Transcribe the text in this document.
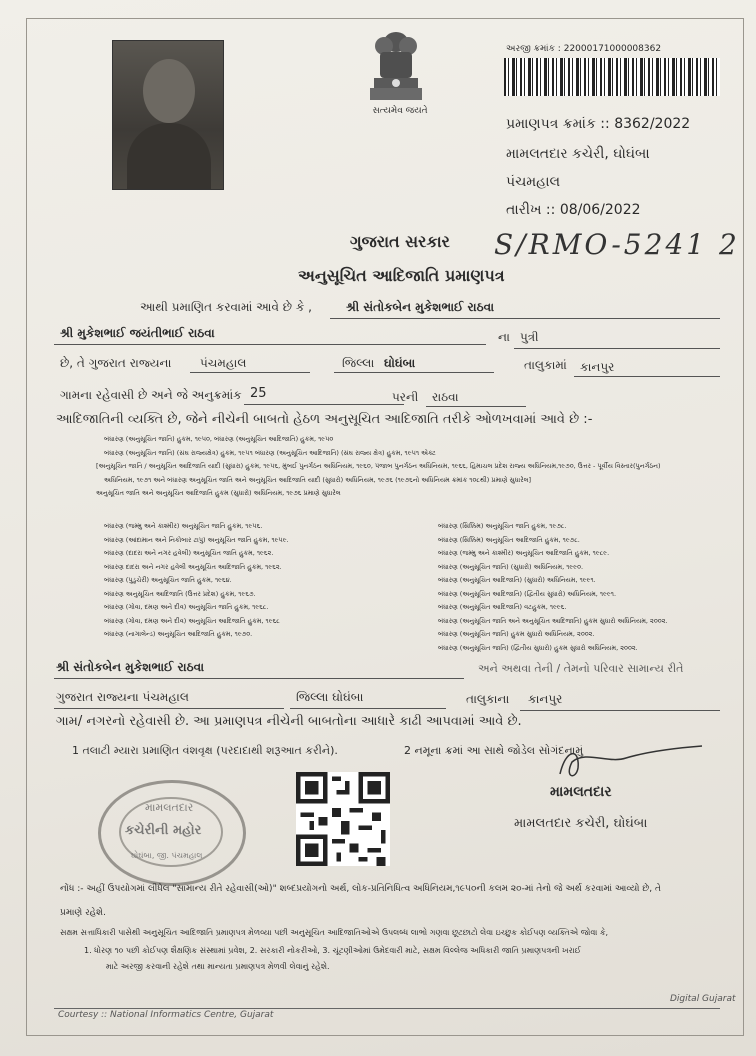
સત્યમેવ જયતે
અરજી ક્રમાંક : 22000171000008362
પ્રમાણપત્ર ક્રમાંક :: 8362/2022
મામલતદાર કચેરી, ઘોઘંબા
પંચમહાલ
તારીખ :: 08/06/2022
ગુજરાત સરકાર S/RMO-5241 2
અનુસૂચિત આદિજાતિ પ્રમાણપત્ર
આથી પ્રમાણિત કરવામાં આવે છે કે ,	શ્રી સંતોકબેન મુકેશભાઈ રાઠવા
શ્રી મુકેશભાઈ જયંતીભાઈ રાઠવા	ના પુત્રી
છે, તે ગુજરાત રાજ્યના પંચમહાલ	જિલ્લા ઘોઘંબા	તાલુકામાં કાનપુર
ગામના રહેવાસી છે અને જે અનુક્રમાંક 25	પરની રાઠવા
આદિજાતિની વ્યક્તિ છે, જેને નીચેની બાબતો હેઠળ અનુસૂચિત આદિજાતિ તરીકે ઓળખવામાં આવે છે :-
બંધારણ (અનુસૂચિત જાતિ) હુકમ, ૧૯૫૦, બંધારણ (અનુસૂચિત આદિજાતિ) હુકમ, ૧૯૫૦
બંધારણ (અનુસૂચિત જાતિ) (સંઘ રાજ્યક્ષેત્ર) હુકમ, ૧૯૫૧ બંધારણ (અનુસૂચિત આદિજાતિ) (સંઘ રાજ્ય ક્ષેત્ર) હુકમ, ૧૯૫૧ એક્ટ
[અનુસૂચિત જાતિ / અનુસૂચિત આદિજાતિ યાદી (સુધારા) હુકમ, ૧૯૫૬, મુંબઈ પુનર્ગઠન અધિનિયમ, ૧૯૬૦, પંજાબ પુનર્ગઠન અધિનિયમ, ૧૯૬૬, હિમાચલ પ્રદેશ રાજ્ય અધિનિયમ,૧૯૭૦, ઉત્તર - પૂર્વીય વિસ્તાર(પુનર્ગઠન)
અધિનિયમ, ૧૯૭૧ અને બંધારણ અનુસૂચિત જાતિ અને અનુસૂચિત આદિજાતિ યાદી (સુધારો) અધિનિયમ, ૧૯૭૬ (૧૯૭૬નો અધિનિયમ ક્રમાંક ૧૦૮થી) પ્રમાણે સુધારેલ]
અનુસૂચિત જાતિ અને અનુસૂચિત આદિજાતિ હુકમ (સુધારો) અધિનિયમ, ૧૯૭૬ પ્રમાણે સુધારેલ
બંધારણ (જમ્મુ અને કાશ્મીર) અનુસૂચિત જાતિ હુકમ, ૧૯૫૬.
બંધારણ (આંદામાન અને નિકોબાર ટાપુ) અનુસૂચિત જાતિ હુકમ, ૧૯૫૯.
બંધારણ (દાદરા અને નગર હવેલી) અનુસૂચિત જાતિ હુકમ, ૧૯૬૨.
બંધારણ દાદરા અને નગર હવેલી અનુસૂચિત આદિજાતિ હુકમ, ૧૯૬૨.
બંધારણ (પુડુચેરી) અનુસૂચિત જાતિ હુકમ, ૧૯૬૪.
બંધારણ અનુસૂચિત આદિજાતિ (ઉત્તર પ્રદેશ) હુકમ, ૧૯૬૭.
બંધારણ (ગોવા, દમણ અને દીવ) અનુસૂચિત જાતિ હુકમ, ૧૯૬૮.
બંધારણ (ગોવા, દમણ અને દીવ) અનુસૂચિત આદિજાતિ હુકમ, ૧૯૬૮
બંધારણ (નાગાલેન્ડ) અનુસૂચિત આદિજાતિ હુકમ, ૧૯૭૦.
બંધારણ (સિક્કિમ) અનુસૂચિત જાતિ હુકમ, ૧૯૭૮.
બંધારણ (સિક્કિમ) અનુસૂચિત આદિજાતિ હુકમ, ૧૯૭૮.
બંધારણ (જમ્મુ અને કાશ્મીર) અનુસૂચિત આદિજાતિ હુકમ, ૧૯૮૯.
બંધારણ (અનુસૂચિત જાતિ) (સુધારો) અધિનિયમ, ૧૯૯૦.
બંધારણ (અનુસૂચિત આદિજાતિ) (સુધારો) અધિનિયમ, ૧૯૯૧.
બંધારણ (અનુસૂચિત આદિજાતિ) (દ્વિતીય સુધારો) અધિનિયમ, ૧૯૯૧.
બંધારણ (અનુસૂચિત આદિજાતિ) વટહુકમ, ૧૯૯૬.
બંધારણ (અનુસૂચિત જાતિ અને અનુસૂચિત આદિજાતિ) હુકમ સુધારો અધિનિયમ, ૨૦૦૨.
બંધારણ (અનુસૂચિત જાતિ) હુકમ સુધારો અધિનિયમ, ૨૦૦૨.
બંધારણ (અનુસૂચિત જાતિ) (દ્વિતીય સુધારો) હુકમ સુધારો અધિનિયમ, ૨૦૦૨.
શ્રી સંતોકબેન મુકેશભાઈ રાઠવા	અને અથવા તેની / તેમનો પરિવાર સામાન્ય રીતે
ગુજરાત રાજ્યના પંચમહાલ	જિલ્લા ઘોઘંબા	તાલુકાના કાનપુર
ગામ/ નગરનો રહેવાસી છે. આ પ્રમાણપત્ર નીચેની બાબતોના આધારે કાઢી આપવામાં આવે છે.
1 તલાટી મ્યારા પ્રમાણિત વંશવૃક્ષ (પરદાદાથી શરૂઆત કરીને).	2 નમૂના ક્રમાં આ સાથે જોડેલ સોગંદનામું
મામલતદાર
કચેરીની મહોર
ઘોઘંબા, જી. પંચમહાલ
મામલતદાર
મામલતદાર કચેરી, ઘોઘંબા
નોંધ :- અહીં ઉપયોગમાં લીધેલ "સામાન્ય રીતે રહેવાસી(ઓ)" શબ્દપ્રયોગનો અર્થ, લોક-પ્રતિનિધિત્વ અધિનિયમ,૧૯૫૦ની કલમ ૨૦-માં તેનો જે અર્થ કરવામાં આવ્યો છે, તે
પ્રમાણે રહેશે.
સક્ષમ સત્તાધિકારી પાસેથી અનુસૂચિત આદિજાતિ પ્રમાણપત્ર મેળવ્યા પછી અનુસૂચિત આદિજાતિઓએ ઉપલબ્ધ લાભો ગણવા છૂટછાટો લેવા ઇચ્છુક કોઈપણ વ્યક્તિએ જોવા કે,
1. ધોરણ ૧૦ પછી કોઈપણ શૈક્ષણિક સંસ્થામાં પ્રવેશ, 2. સરકારી નોકરીઓ, 3. ચૂંટણીઓમાં ઉમેદવારી માટે, સક્ષમ વિલ્લેજ અધિકારી જાતિ પ્રમાણપત્રની ખરાઈ
માટે અરજી કરવાની રહેશે તથા માન્યતા પ્રમાણપત્ર મેળવી લેવાનું રહેશે.
Digital Gujarat
Courtesy :: National Informatics Centre, Gujarat
